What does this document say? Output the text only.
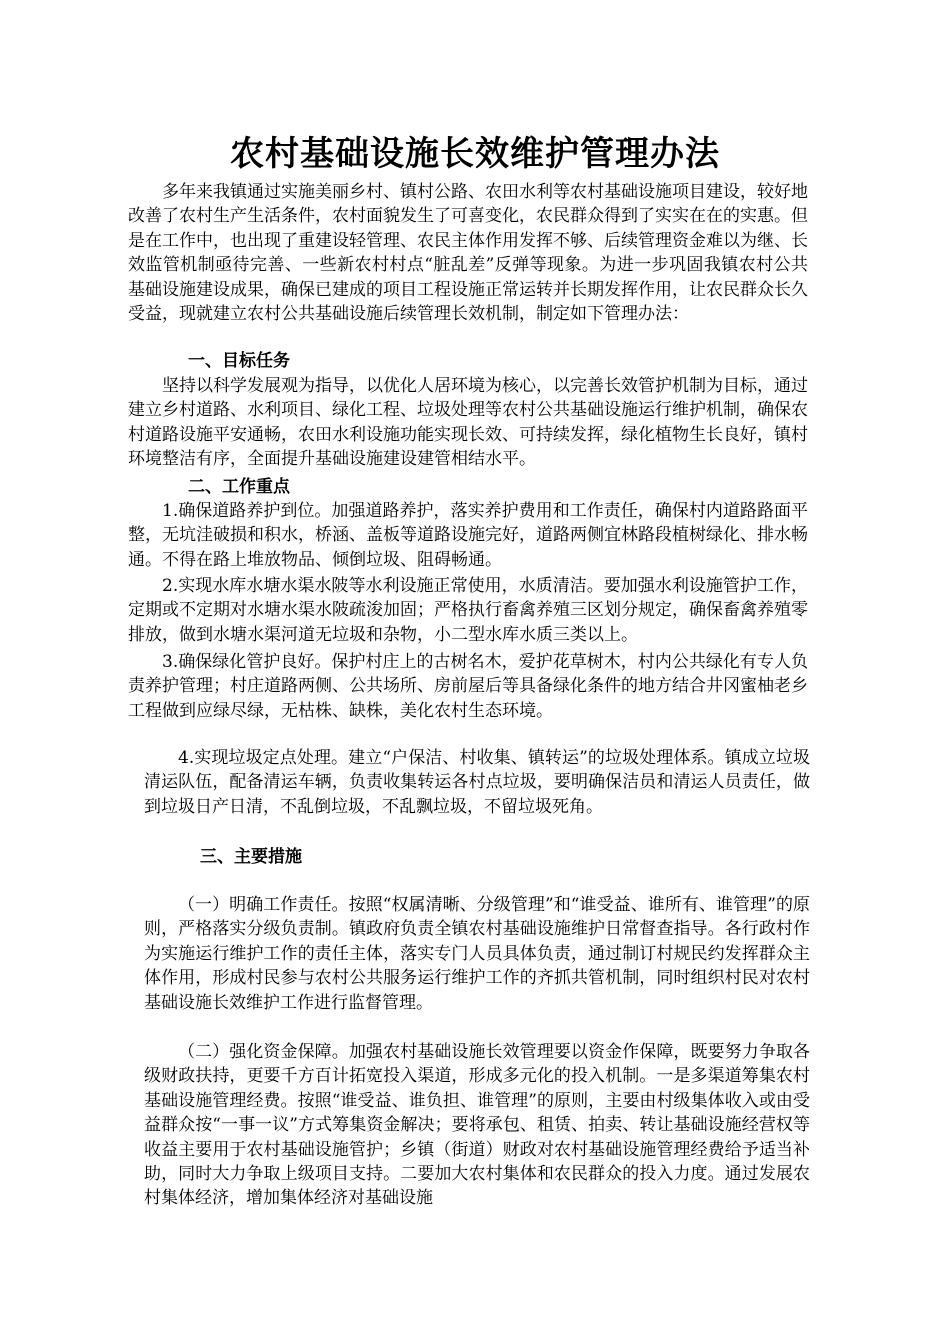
农村基础设施长效维护管理办法
多年来我镇通过实施美丽乡村、镇村公路、农田水利等农村基础设施项目建设，较好地改善了农村生产生活条件，农村面貌发生了可喜变化，农民群众得到了实实在在的实惠。但是在工作中，也出现了重建设轻管理、农民主体作用发挥不够、后续管理资金难以为继、长效监管机制亟待完善、一些新农村村点“脏乱差”反弹等现象。为进一步巩固我镇农村公共基础设施建设成果，确保已建成的项目工程设施正常运转并长期发挥作用，让农民群众长久受益，现就建立农村公共基础设施后续管理长效机制，制定如下管理办法：
一、目标任务
坚持以科学发展观为指导，以优化人居环境为核心，以完善长效管护机制为目标，通过建立乡村道路、水利项目、绿化工程、垃圾处理等农村公共基础设施运行维护机制，确保农村道路设施平安通畅，农田水利设施功能实现长效、可持续发挥，绿化植物生长良好，镇村环境整洁有序，全面提升基础设施建设建管相结水平。
二、工作重点
1.确保道路养护到位。加强道路养护，落实养护费用和工作责任，确保村内道路路面平整，无坑洼破损和积水，桥涵、盖板等道路设施完好，道路两侧宜林路段植树绿化、排水畅通。不得在路上堆放物品、倾倒垃圾、阻碍畅通。
2.实现水库水塘水渠水陂等水利设施正常使用，水质清洁。要加强水利设施管护工作，定期或不定期对水塘水渠水陂疏浚加固；严格执行畜禽养殖三区划分规定，确保畜禽养殖零排放，做到水塘水渠河道无垃圾和杂物，小二型水库水质三类以上。
3.确保绿化管护良好。保护村庄上的古树名木，爱护花草树木，村内公共绿化有专人负责养护管理；村庄道路两侧、公共场所、房前屋后等具备绿化条件的地方结合井冈蜜柚老乡工程做到应绿尽绿，无枯株、缺株，美化农村生态环境。
4.实现垃圾定点处理。建立“户保洁、村收集、镇转运”的垃圾处理体系。镇成立垃圾清运队伍，配备清运车辆，负责收集转运各村点垃圾，要明确保洁员和清运人员责任，做到垃圾日产日清，不乱倒垃圾，不乱飘垃圾，不留垃圾死角。
三、主要措施
（一）明确工作责任。按照“权属清晰、分级管理”和“谁受益、谁所有、谁管理”的原则，严格落实分级负责制。镇政府负责全镇农村基础设施维护日常督查指导。各行政村作为实施运行维护工作的责任主体，落实专门人员具体负责，通过制订村规民约发挥群众主体作用，形成村民参与农村公共服务运行维护工作的齐抓共管机制，同时组织村民对农村基础设施长效维护工作进行监督管理。
（二）强化资金保障。加强农村基础设施长效管理要以资金作保障，既要努力争取各级财政扶持，更要千方百计拓宽投入渠道，形成多元化的投入机制。一是多渠道筹集农村基础设施管理经费。按照“谁受益、谁负担、谁管理”的原则，主要由村级集体收入或由受益群众按“一事一议”方式筹集资金解决；要将承包、租赁、拍卖、转让基础设施经营权等收益主要用于农村基础设施管护；乡镇（街道）财政对农村基础设施管理经费给予适当补助，同时大力争取上级项目支持。二要加大农村集体和农民群众的投入力度。通过发展农村集体经济，增加集体经济对基础设施
